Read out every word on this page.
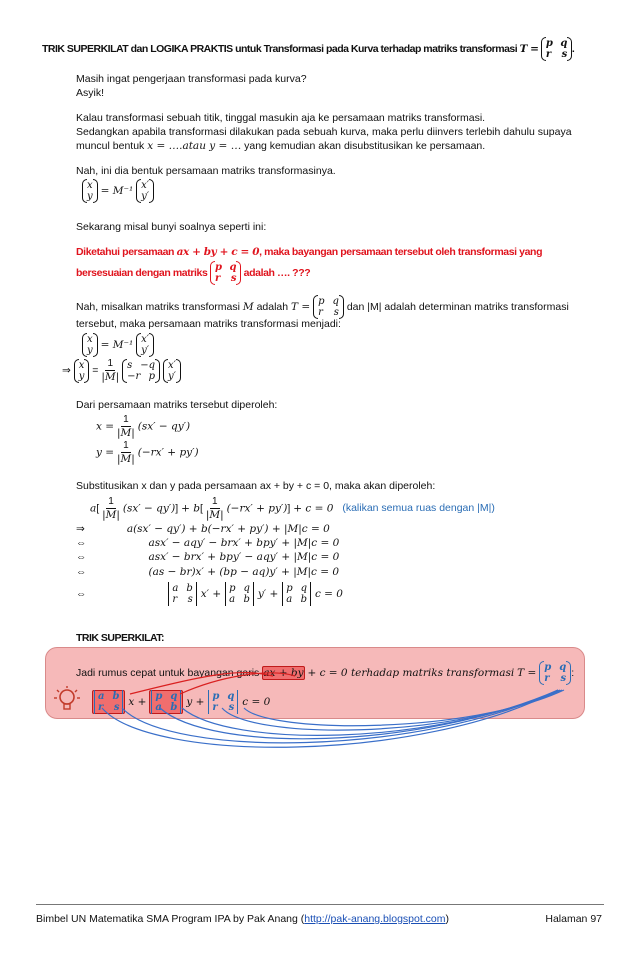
TRIK SUPERKILAT dan LOGIKA PRAKTIS untuk Transformasi pada Kurva terhadap matriks transformasi T = p q
r s .
Masih ingat pengerjaan transformasi pada kurva?
Asyik!
Kalau transformasi sebuah titik, tinggal masukin aja ke persamaan matriks transformasi.
Sedangkan apabila transformasi dilakukan pada sebuah kurva, maka perlu diinvers terlebih dahulu supaya
muncul bentuk x = ….atau y = … yang kemudian akan disubstitusikan ke persamaan.
Nah, ini dia bentuk persamaan matriks transformasinya.
x
y = M⁻¹ x′
y′
Sekarang misal bunyi soalnya seperti ini:
Diketahui persamaan ax + by + c = 0, maka bayangan persamaan tersebut oleh transformasi yang
bersesuaian dengan matriks p q
r s adalah …. ???
Nah, misalkan matriks transformasi M adalah T = p q
r s dan |M| adalah determinan matriks transformasi
tersebut, maka persamaan matriks transformasi menjadi:
x
y = M⁻¹ x′
y′
⇒ x
$y = \frac{1}{|M|}$
s −q
−r p

x′
y′
Dari persamaan matriks tersebut diperoleh:
$x = \frac{1}{|M|} (sx' - qy')$
$y = \frac{1}{|M|} (-rx' + py')$
Substitusikan x dan y pada persamaan ax + by + c = 0, maka akan diperoleh:
$a[ \frac{1}{|M|} (sx' - qy')] + b[ \frac{1}{|M|} (-rx' + py')] + c = 0$ (kalikan semua ruas dengan |M|)
⇒	a(sx′ − qy′) + b(−rx′ + py′) + |M|c = 0
⇔	asx′ − aqy′ − brx′ + bpy′ + |M|c = 0
⇔	asx′ − brx′ + bpy′ − aqy′ + |M|c = 0
⇔	(as − br)x′ + (bp − aq)y′ + |M|c = 0
⇔	a b
r s x′ + p q
a b y′ + p q
a b c = 0
TRIK SUPERKILAT:
Jadi rumus cepat untuk bayangan garis ax + by + c = 0 terhadap matriks transformasi T = p q
r s :
a b
r s x + p q
a b y + p q
r s c = 0
Bimbel UN Matematika SMA Program IPA by Pak Anang (http://pak-anang.blogspot.com)	Halaman 97
